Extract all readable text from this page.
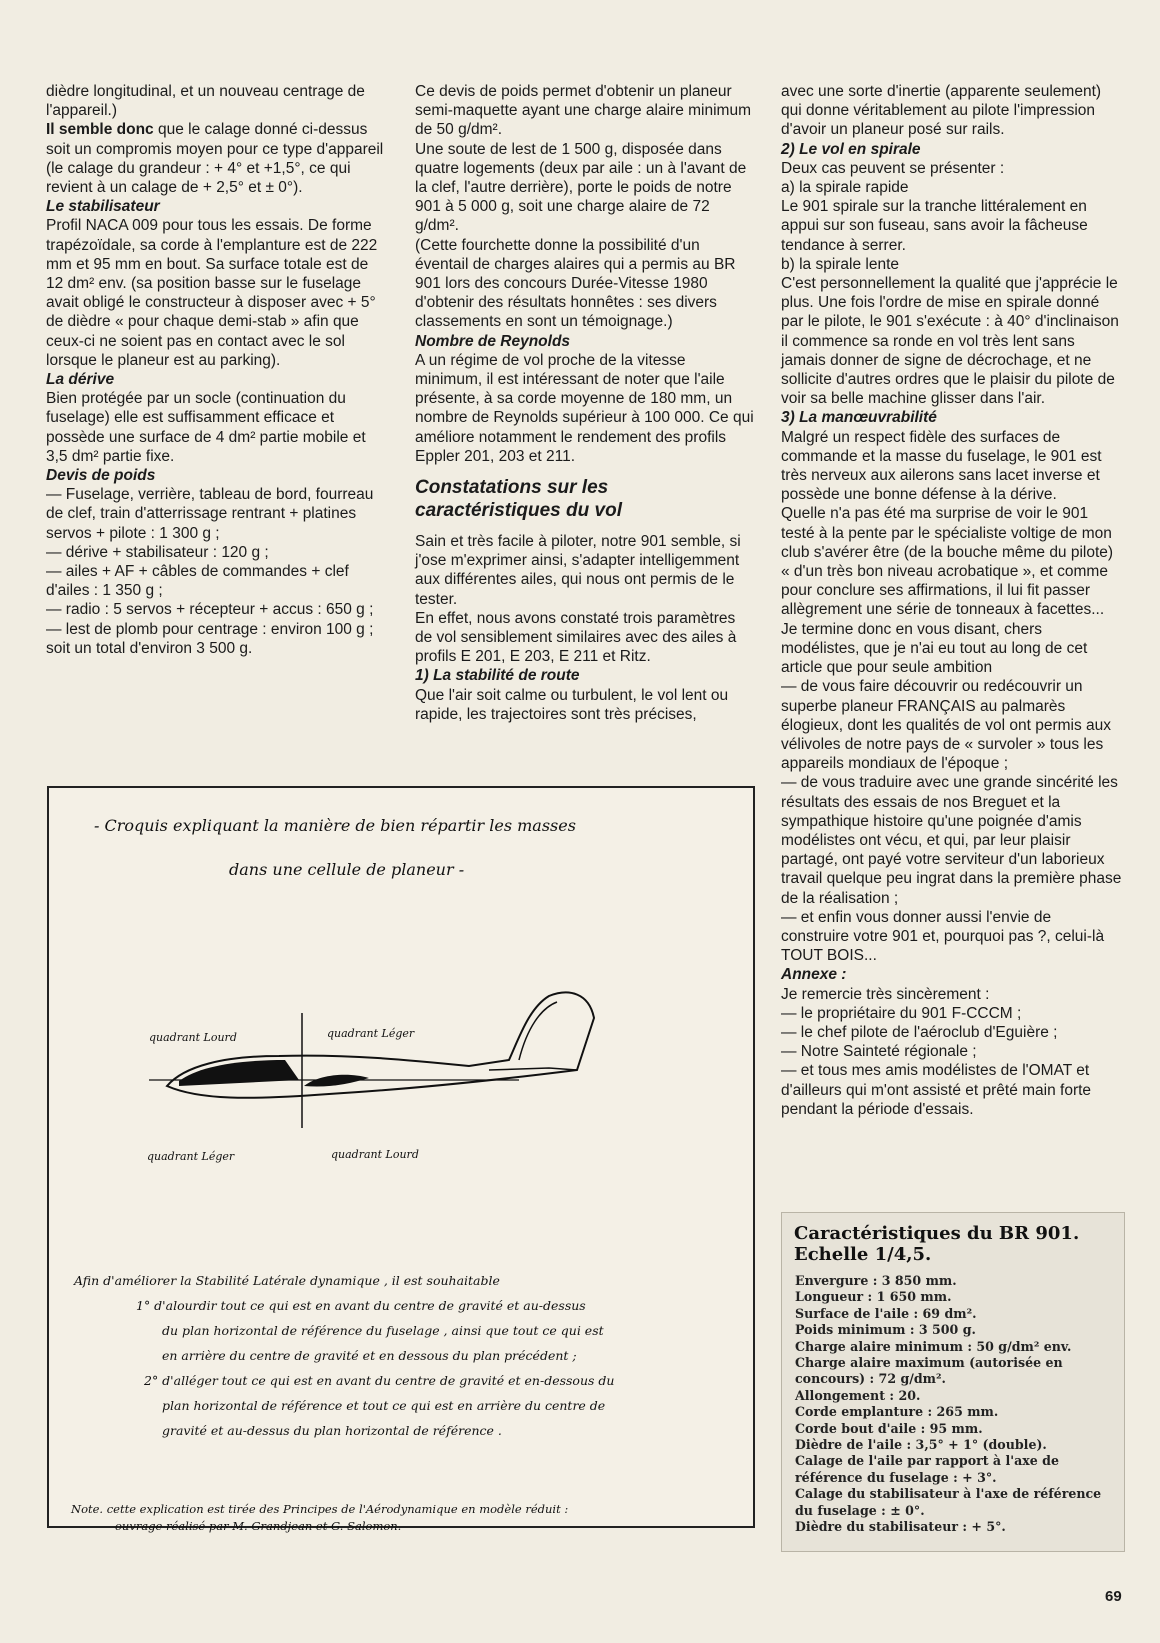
dièdre longitudinal, et un nouveau centrage de l'appareil.)

Il semble donc que le calage donné ci-dessus soit un compromis moyen pour ce type d'appareil (le calage du grandeur : + 4° et +1,5°, ce qui revient à un calage de + 2,5° et ± 0°).

Le stabilisateur

Profil NACA 009 pour tous les essais. De forme trapézoïdale, sa corde à l'emplanture est de 222 mm et 95 mm en bout. Sa surface totale est de 12 dm² env. (sa position basse sur le fuselage avait obligé le constructeur à disposer avec + 5° de dièdre « pour chaque demi-stab » afin que ceux-ci ne soient pas en contact avec le sol lorsque le planeur est au parking).

La dérive

Bien protégée par un socle (continuation du fuselage) elle est suffisamment efficace et possède une surface de 4 dm² partie mobile et 3,5 dm² partie fixe.

Devis de poids

— Fuselage, verrière, tableau de bord, fourreau de clef, train d'atterrissage rentrant + platines servos + pilote : 1 300 g ;

— dérive + stabilisateur : 120 g ;

— ailes + AF + câbles de commandes + clef d'ailes : 1 350 g ;

— radio : 5 servos + récepteur + accus : 650 g ;

— lest de plomb pour centrage : environ 100 g ;

soit un total d'environ 3 500 g.

Ce devis de poids permet d'obtenir un planeur semi-maquette ayant une charge alaire minimum de 50 g/dm².

Une soute de lest de 1 500 g, disposée dans quatre logements (deux par aile : un à l'avant de la clef, l'autre derrière), porte le poids de notre 901 à 5 000 g, soit une charge alaire de 72 g/dm².

(Cette fourchette donne la possibilité d'un éventail de charges alaires qui a permis au BR 901 lors des concours Durée-Vitesse 1980 d'obtenir des résultats honnêtes : ses divers classements en sont un témoignage.)

Nombre de Reynolds

A un régime de vol proche de la vitesse minimum, il est intéressant de noter que l'aile présente, à sa corde moyenne de 180 mm, un nombre de Reynolds supérieur à 100 000. Ce qui améliore notamment le rendement des profils Eppler 201, 203 et 211.

Constatations sur les caractéristiques du vol

Sain et très facile à piloter, notre 901 semble, si j'ose m'exprimer ainsi, s'adapter intelligemment aux différentes ailes, qui nous ont permis de le tester.

En effet, nous avons constaté trois paramètres de vol sensiblement similaires avec des ailes à profils E 201, E 203, E 211 et Ritz.

1) La stabilité de route

Que l'air soit calme ou turbulent, le vol lent ou rapide, les trajectoires sont très précises,

avec une sorte d'inertie (apparente seulement) qui donne véritablement au pilote l'impression d'avoir un planeur posé sur rails.

2) Le vol en spirale

Deux cas peuvent se présenter :

a) la spirale rapide

Le 901 spirale sur la tranche littéralement en appui sur son fuseau, sans avoir la fâcheuse tendance à serrer.

b) la spirale lente

C'est personnellement la qualité que j'apprécie le plus. Une fois l'ordre de mise en spirale donné par le pilote, le 901 s'exécute : à 40° d'inclinaison il commence sa ronde en vol très lent sans jamais donner de signe de décrochage, et ne sollicite d'autres ordres que le plaisir du pilote de voir sa belle machine glisser dans l'air.

3) La manœuvrabilité

Malgré un respect fidèle des surfaces de commande et la masse du fuselage, le 901 est très nerveux aux ailerons sans lacet inverse et possède une bonne défense à la dérive.

Quelle n'a pas été ma surprise de voir le 901 testé à la pente par le spécialiste voltige de mon club s'avérer être (de la bouche même du pilote) « d'un très bon niveau acrobatique », et comme pour conclure ses affirmations, il lui fit passer allègrement une série de tonneaux à facettes...

Je termine donc en vous disant, chers modélistes, que je n'ai eu tout au long de cet article que pour seule ambition

— de vous faire découvrir ou redécouvrir un superbe planeur FRANÇAIS au palmarès élogieux, dont les qualités de vol ont permis aux vélivoles de notre pays de « survoler » tous les appareils mondiaux de l'époque ;

— de vous traduire avec une grande sincérité les résultats des essais de nos Breguet et la sympathique histoire qu'une poignée d'amis modélistes ont vécu, et qui, par leur plaisir partagé, ont payé votre serviteur d'un laborieux travail quelque peu ingrat dans la première phase de la réalisation ;

— et enfin vous donner aussi l'envie de construire votre 901 et, pourquoi pas ?, celui-là TOUT BOIS...

Annexe :

Je remercie très sincèrement :

— le propriétaire du 901 F-CCCM ;

— le chef pilote de l'aéroclub d'Eguière ;

— Notre Sainteté régionale ;

— et tous mes amis modélistes de l'OMAT et d'ailleurs qui m'ont assisté et prêté main forte pendant la période d'essais.

- Croquis expliquant la manière de bien répartir les masses
dans une cellule de planeur -
quadrant Lourd	quadrant Léger
quadrant Léger	quadrant Lourd
Afin d'améliorer la Stabilité Latérale dynamique , il est souhaitable
1° d'alourdir tout ce qui est en avant du centre de gravité et au-dessus
du plan horizontal de référence du fuselage , ainsi que tout ce qui est
en arrière du centre de gravité et en dessous du plan précédent ;
2° d'alléger tout ce qui est en avant du centre de gravité et en-dessous du
plan horizontal de référence et tout ce qui est en arrière du centre de
gravité et au-dessus du plan horizontal de référence .
Note. cette explication est tirée des Principes de l'Aérodynamique en modèle réduit :
ouvrage réalisé par M. Grandjean et G. Salomon.

Caractéristiques du BR 901.
Echelle 1/4,5.

Envergure : 3 850 mm.
Longueur : 1 650 mm.
Surface de l'aile : 69 dm².
Poids minimum : 3 500 g.
Charge alaire minimum : 50 g/dm² env.
Charge alaire maximum (autorisée en concours) : 72 g/dm².
Allongement : 20.
Corde emplanture : 265 mm.
Corde bout d'aile : 95 mm.
Dièdre de l'aile : 3,5° + 1° (double).
Calage de l'aile par rapport à l'axe de référence du fuselage : + 3°.
Calage du stabilisateur à l'axe de référence du fuselage : ± 0°.
Dièdre du stabilisateur : + 5°.
69
